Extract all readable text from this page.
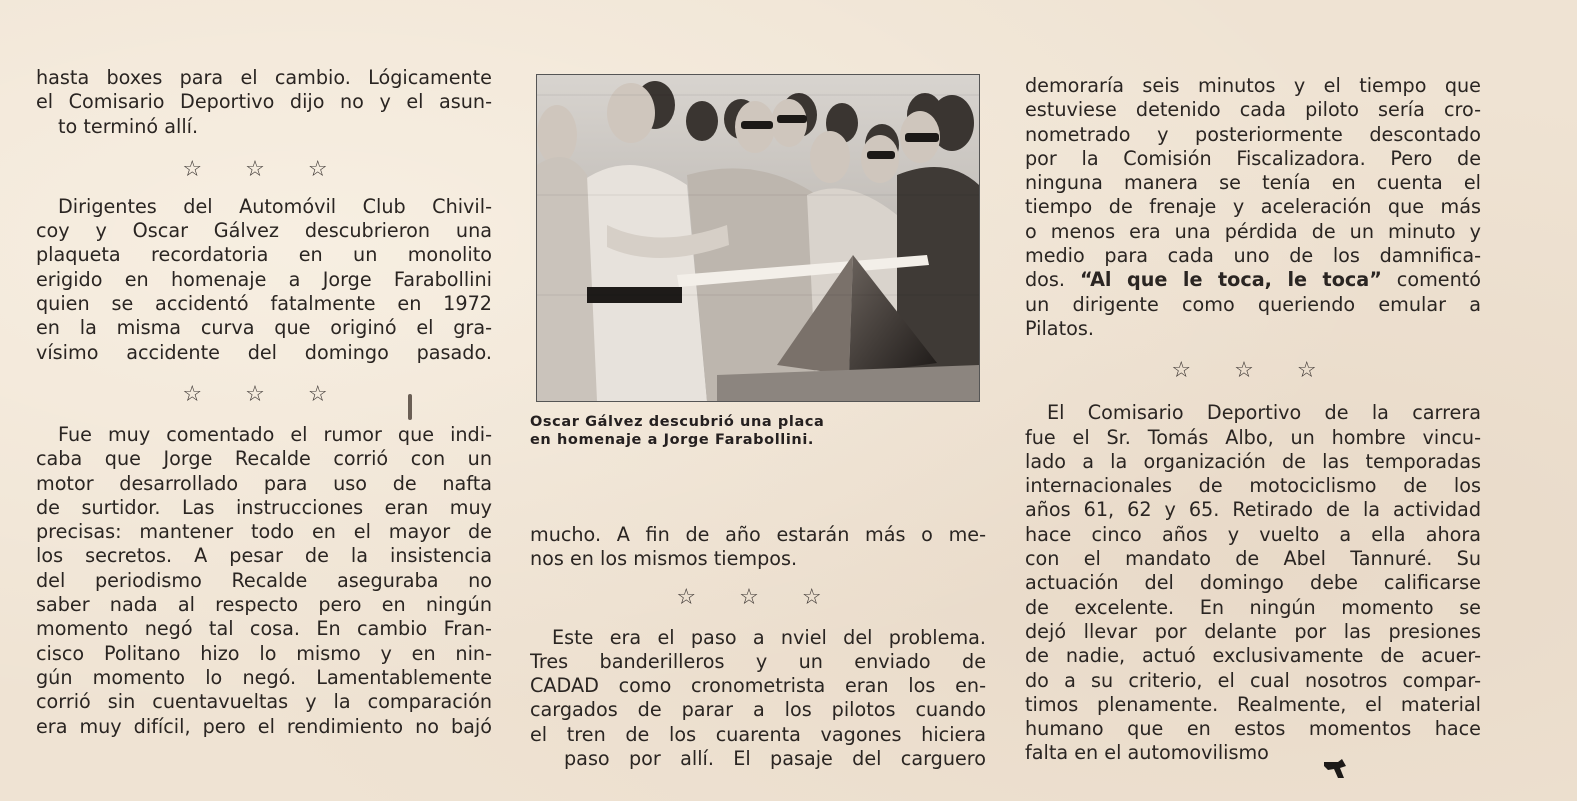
hasta boxes para el cambio. Lógicamente
el Comisario Deportivo dijo no y el asun-
to terminó allí.
☆ ☆ ☆
Dirigentes del Automóvil Club Chivil-
coy y Oscar Gálvez descubrieron una
plaqueta recordatoria en un monolito
erigido en homenaje a Jorge Farabollini
quien se accidentó fatalmente en 1972
en la misma curva que originó el gra-
vísimo accidente del domingo pasado.
☆ ☆ ☆
Fue muy comentado el rumor que indi-
caba que Jorge Recalde corrió con un
motor desarrollado para uso de nafta
de surtidor. Las instrucciones eran muy
precisas: mantener todo en el mayor de
los secretos. A pesar de la insistencia
del periodismo Recalde aseguraba no
saber nada al respecto pero en ningún
momento negó tal cosa. En cambio Fran-
cisco Politano hizo lo mismo y en nin-
gún momento lo negó. Lamentablemente
corrió sin cuentavueltas y la comparación
era muy difícil, pero el rendimiento no bajó
Oscar Gálvez descubrió una placa
en homenaje a Jorge Farabollini.
mucho. A fin de año estarán más o me-
nos en los mismos tiempos.
☆ ☆ ☆
Este era el paso a nviel del problema.
Tres banderilleros y un enviado de
CADAD como cronometrista eran los en-
cargados de parar a los pilotos cuando
el tren de los cuarenta vagones hiciera
paso por allí. El pasaje del carguero
demoraría seis minutos y el tiempo que
estuviese detenido cada piloto sería cro-
nometrado y posteriormente descontado
por la Comisión Fiscalizadora. Pero de
ninguna manera se tenía en cuenta el
tiempo de frenaje y aceleración que más
o menos era una pérdida de un minuto y
medio para cada uno de los damnifica-
dos. “Al que le toca, le toca” comentó
un dirigente como queriendo emular a
Pilatos.
☆ ☆ ☆
El Comisario Deportivo de la carrera
fue el Sr. Tomás Albo, un hombre vincu-
lado a la organización de las temporadas
internacionales de motociclismo de los
años 61, 62 y 65. Retirado de la actividad
hace cinco años y vuelto a ella ahora
con el mandato de Abel Tannuré. Su
actuación del domingo debe calificarse
de excelente. En ningún momento se
dejó llevar por delante por las presiones
de nadie, actuó exclusivamente de acuer-
do a su criterio, el cual nosotros compar-
timos plenamente. Realmente, el material
humano que en estos momentos hace
falta en el automovilismo
